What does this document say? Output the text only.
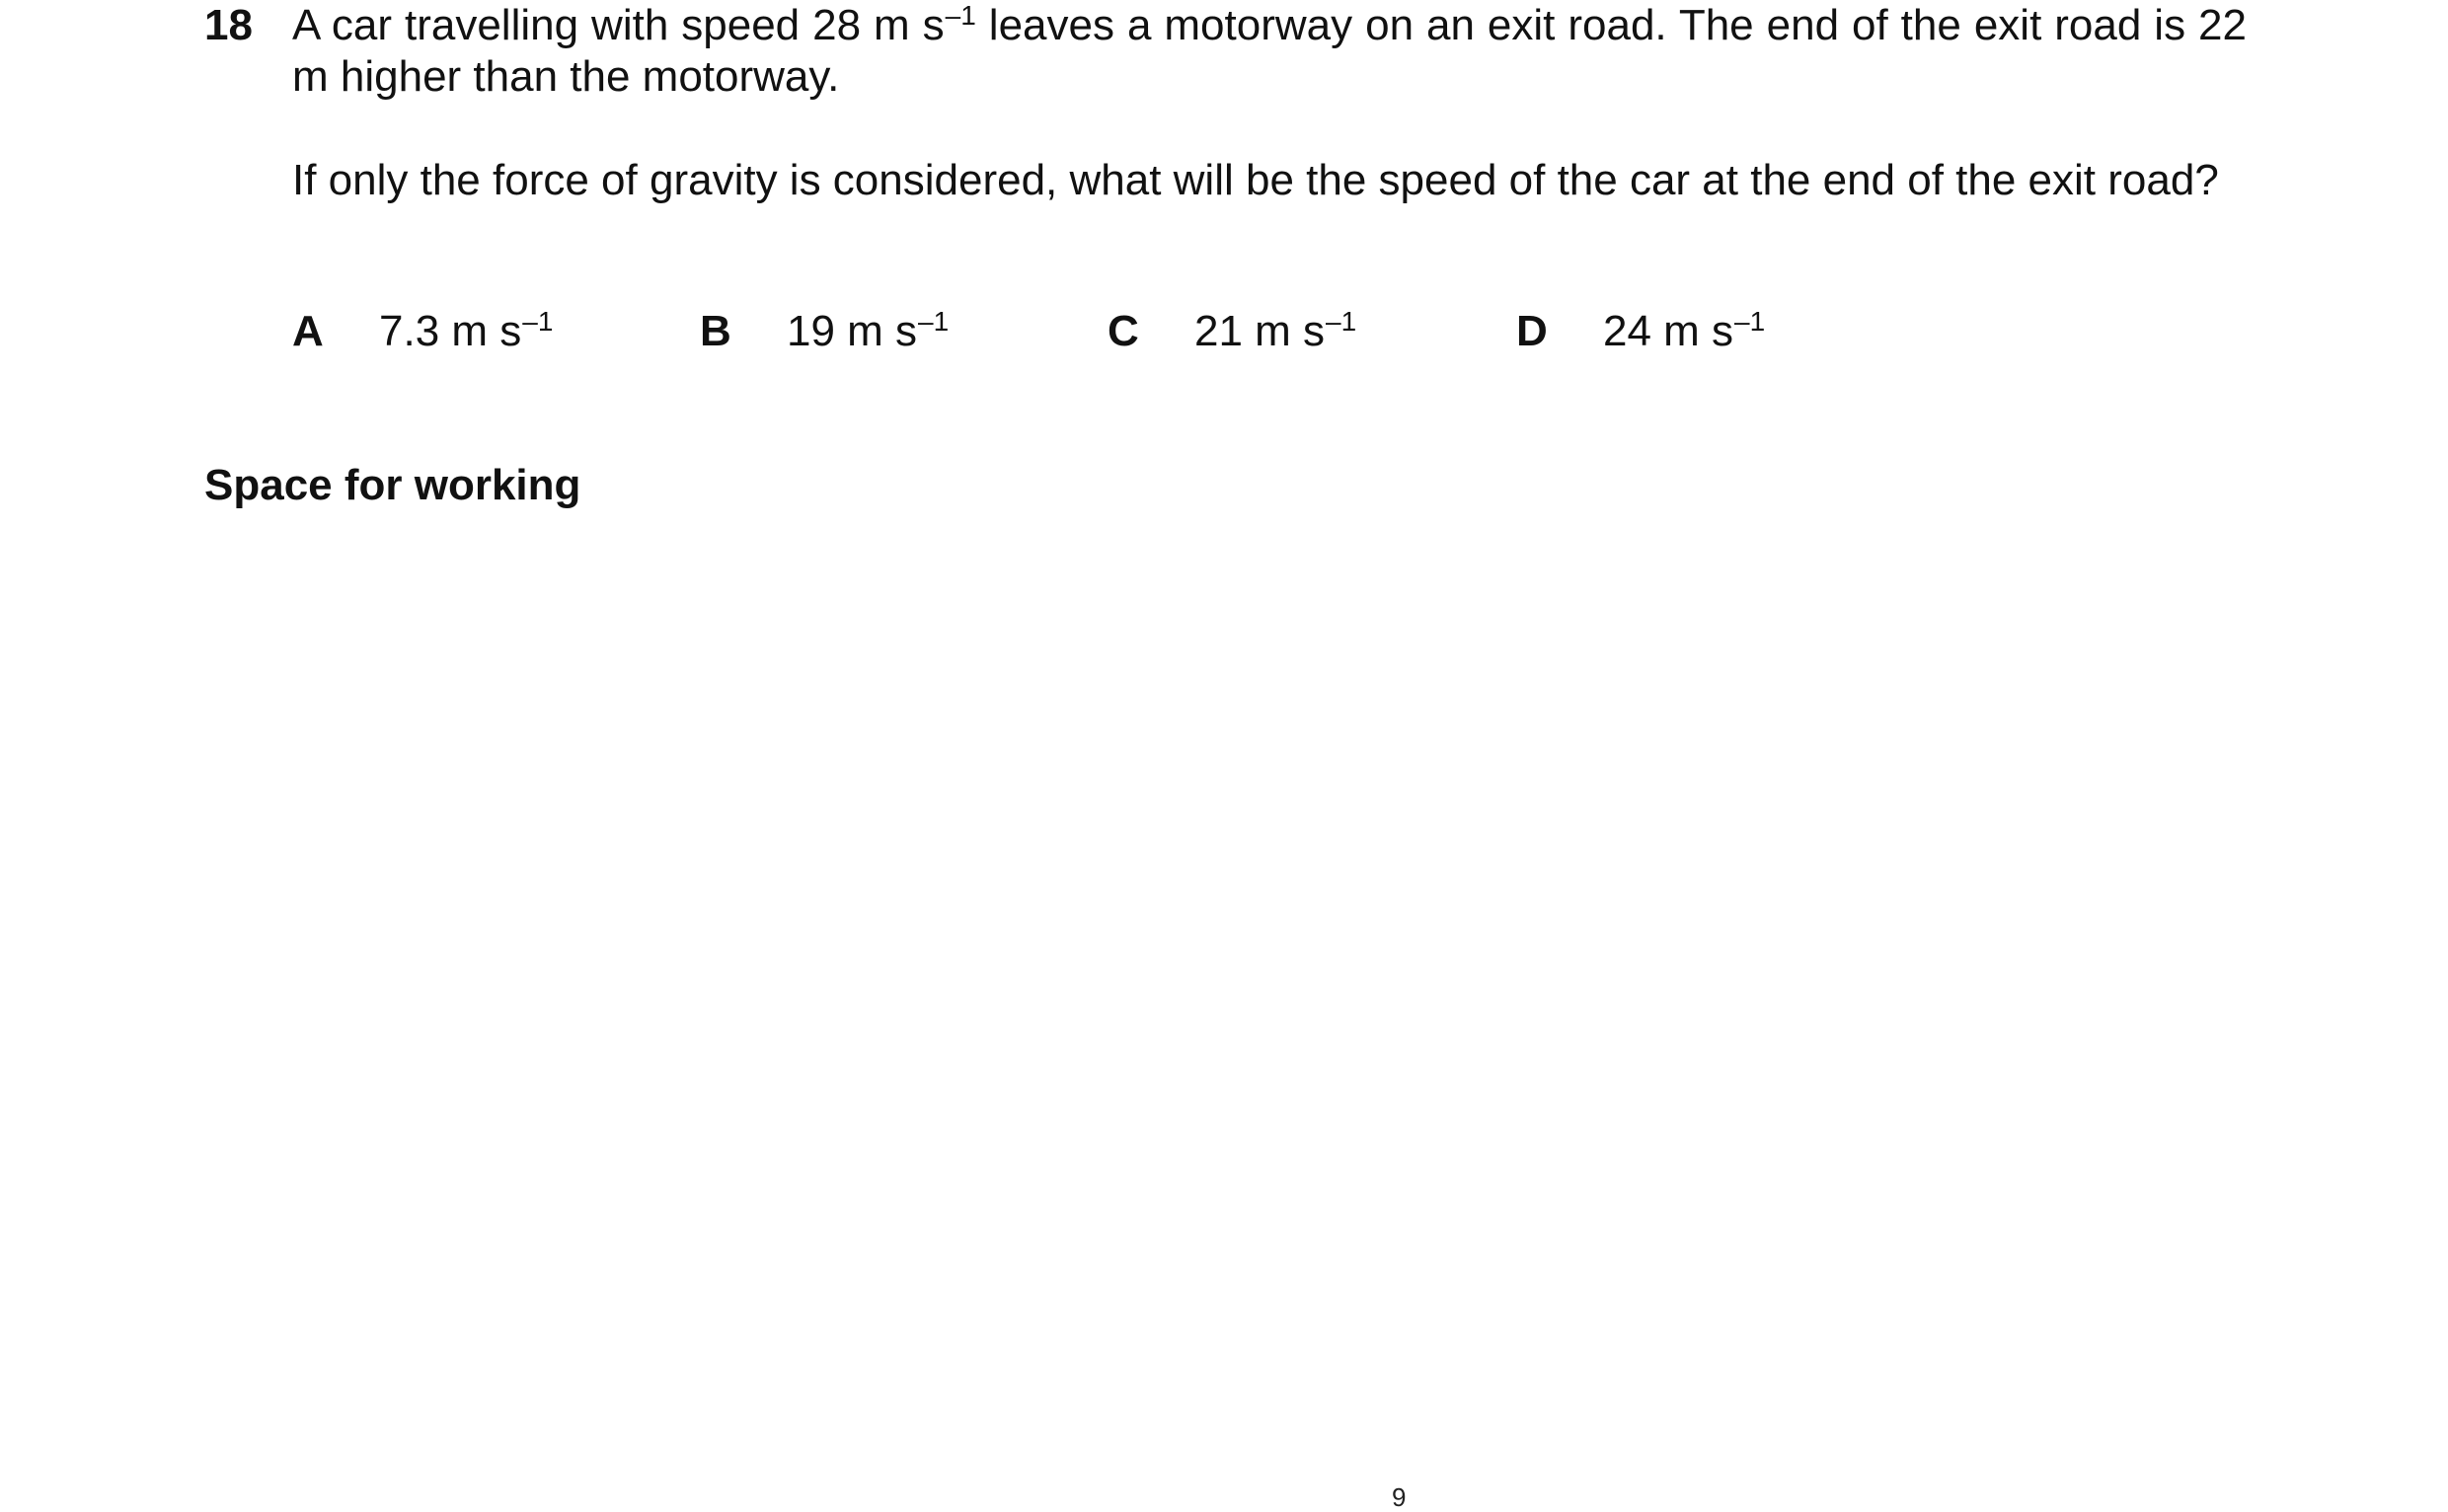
18 A car travelling with speed 28 m $s^{-1}$ leaves a motorway on an exit road. The end of the exit road is 22 m higher than the motorway.

If only the force of gravity is considered, what will be the speed of the car at the end of the exit road?

A 7.3 m $s^{-1}$	B 19 m $s^{-1}$	C 21 m $s^{-1}$	D 24 m $s^{-1}$
Space for working
9
